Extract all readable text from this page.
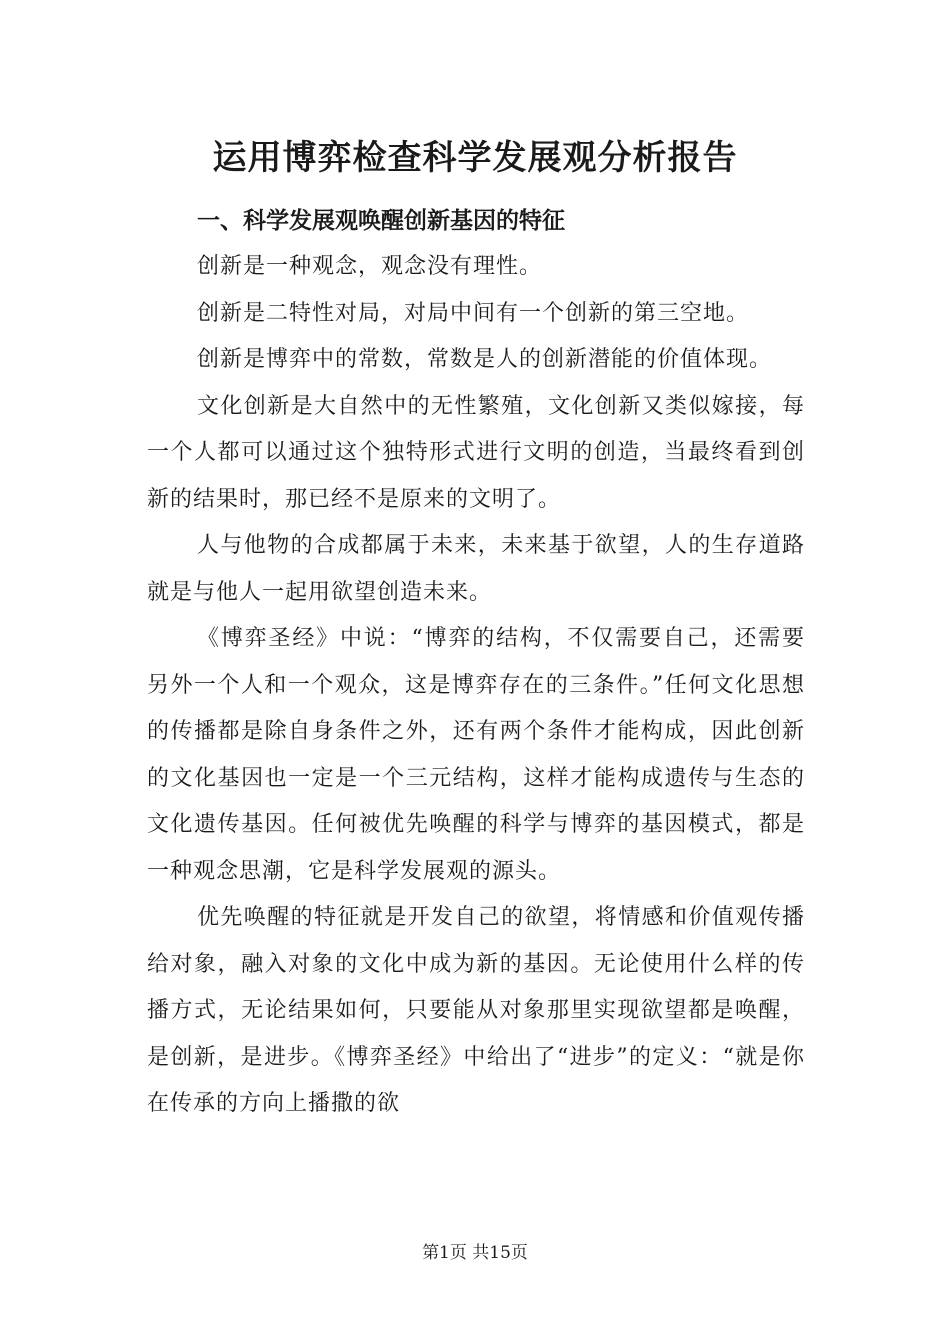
运用博弈检查科学发展观分析报告

一、科学发展观唤醒创新基因的特征

创新是一种观念，观念没有理性。

创新是二特性对局，对局中间有一个创新的第三空地。

创新是博弈中的常数，常数是人的创新潜能的价值体现。

文化创新是大自然中的无性繁殖，文化创新又类似嫁接，每一个人都可以通过这个独特形式进行文明的创造，当最终看到创新的结果时，那已经不是原来的文明了。

人与他物的合成都属于未来，未来基于欲望，人的生存道路就是与他人一起用欲望创造未来。

《博弈圣经》中说：“博弈的结构，不仅需要自己，还需要另外一个人和一个观众，这是博弈存在的三条件。”任何文化思想的传播都是除自身条件之外，还有两个条件才能构成，因此创新的文化基因也一定是一个三元结构，这样才能构成遗传与生态的文化遗传基因。任何被优先唤醒的科学与博弈的基因模式，都是一种观念思潮，它是科学发展观的源头。

优先唤醒的特征就是开发自己的欲望，将情感和价值观传播给对象，融入对象的文化中成为新的基因。无论使用什么样的传播方式，无论结果如何，只要能从对象那里实现欲望都是唤醒，是创新，是进步。《博弈圣经》中给出了“进步”的定义：“就是你在传承的方向上播撒的欲

第1页 共15页
